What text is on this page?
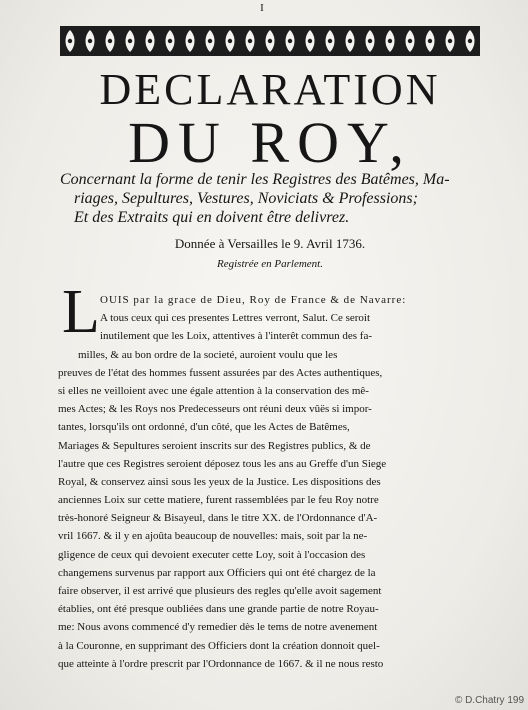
I
DECLARATION
DU ROY,
Concernant la forme de tenir les Registres des Batêmes, Ma-
riages, Sepultures, Vestures, Noviciats & Professions;
Et des Extraits qui en doivent être delivrez.
Donnée à Versailles le 9. Avril 1736.
Registrée en Parlement.
L OUIS par la grace de Dieu, Roy de France & de Navarre:
A tous ceux qui ces presentes Lettres verront, Salut. Ce seroit
inutilement que les Loix, attentives à l'interêt commun des fa-
milles, & au bon ordre de la societé, auroient voulu que les
preuves de l'état des hommes fussent assurées par des Actes authentiques,
si elles ne veilloient avec une égale attention à la conservation des mê-
mes Actes; & les Roys nos Predecesseurs ont réuni deux vûës si impor-
tantes, lorsqu'ils ont ordonné, d'un côté, que les Actes de Batêmes,
Mariages & Sepultures seroient inscrits sur des Registres publics, & de
l'autre que ces Registres seroient déposez tous les ans au Greffe d'un Siege
Royal, & conservez ainsi sous les yeux de la Justice. Les dispositions des
anciennes Loix sur cette matiere, furent rassemblées par le feu Roy notre
très-honoré Seigneur & Bisayeul, dans le titre XX. de l'Ordonnance d'A-
vril 1667. & il y en ajoûta beaucoup de nouvelles: mais, soit par la ne-
gligence de ceux qui devoient executer cette Loy, soit à l'occasion des
changemens survenus par rapport aux Officiers qui ont été chargez de la
faire observer, il est arrivé que plusieurs des regles qu'elle avoit sagement
établies, ont été presque oubliées dans une grande partie de notre Royau-
me: Nous avons commencé d'y remedier dès le tems de notre avenement
à la Couronne, en supprimant des Officiers dont la création donnoit quel-
que atteinte à l'ordre prescrit par l'Ordonnance de 1667. & il ne nous resto
© D.Chatry 199
